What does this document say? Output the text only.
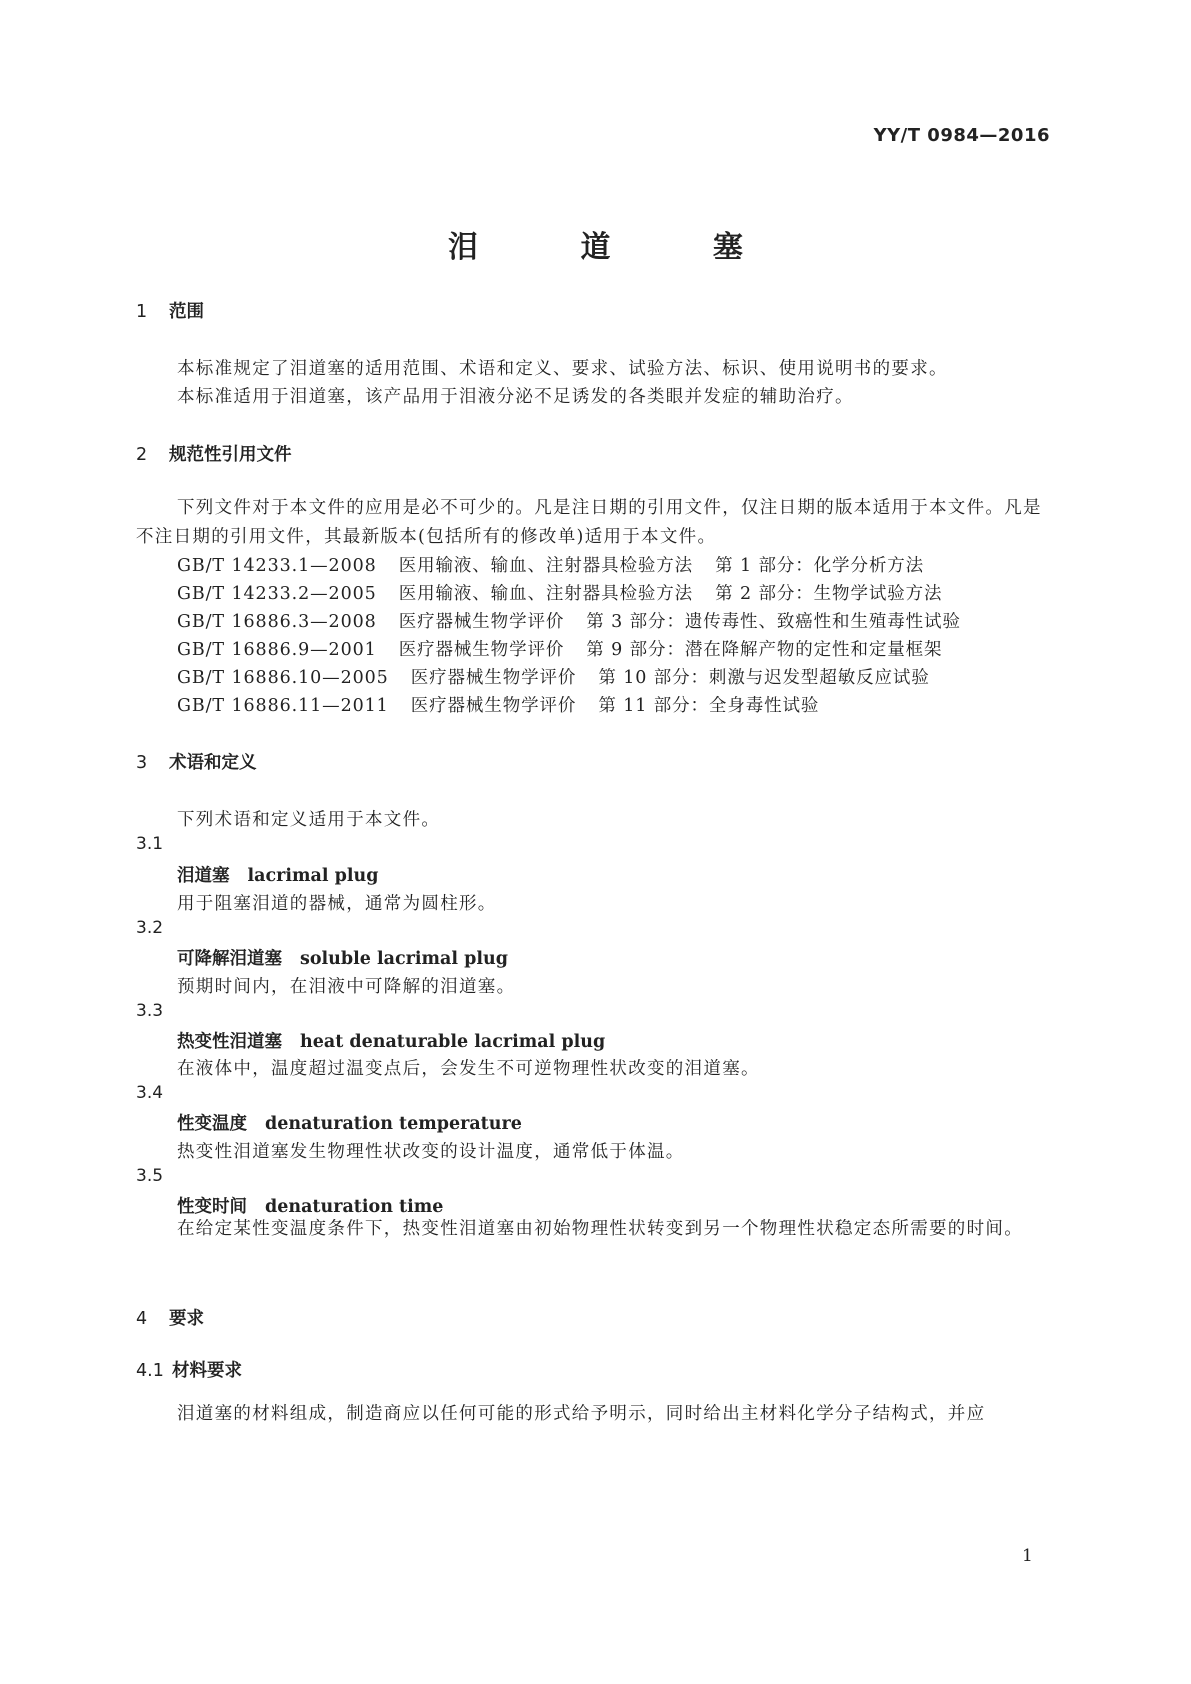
YY/T 0984—2016
泪 道 塞
1 范围
本标准规定了泪道塞的适用范围、术语和定义、要求、试验方法、标识、使用说明书的要求。
本标准适用于泪道塞，该产品用于泪液分泌不足诱发的各类眼并发症的辅助治疗。
2 规范性引用文件
下列文件对于本文件的应用是必不可少的。凡是注日期的引用文件，仅注日期的版本适用于本文件。凡是不注日期的引用文件，其最新版本(包括所有的修改单)适用于本文件。
GB/T 14233.1—2008 医用输液、输血、注射器具检验方法 第 1 部分：化学分析方法
GB/T 14233.2—2005 医用输液、输血、注射器具检验方法 第 2 部分：生物学试验方法
GB/T 16886.3—2008 医疗器械生物学评价 第 3 部分：遗传毒性、致癌性和生殖毒性试验
GB/T 16886.9—2001 医疗器械生物学评价 第 9 部分：潜在降解产物的定性和定量框架
GB/T 16886.10—2005 医疗器械生物学评价 第 10 部分：刺激与迟发型超敏反应试验
GB/T 16886.11—2011 医疗器械生物学评价 第 11 部分：全身毒性试验
3 术语和定义
下列术语和定义适用于本文件。
3.1
泪道塞 lacrimal plug
用于阻塞泪道的器械，通常为圆柱形。
3.2
可降解泪道塞 soluble lacrimal plug
预期时间内，在泪液中可降解的泪道塞。
3.3
热变性泪道塞 heat denaturable lacrimal plug
在液体中，温度超过温变点后，会发生不可逆物理性状改变的泪道塞。
3.4
性变温度 denaturation temperature
热变性泪道塞发生物理性状改变的设计温度，通常低于体温。
3.5
性变时间 denaturation time
在给定某性变温度条件下，热变性泪道塞由初始物理性状转变到另一个物理性状稳定态所需要的时间。
4 要求
4.1 材料要求
泪道塞的材料组成，制造商应以任何可能的形式给予明示，同时给出主材料化学分子结构式，并应
1
